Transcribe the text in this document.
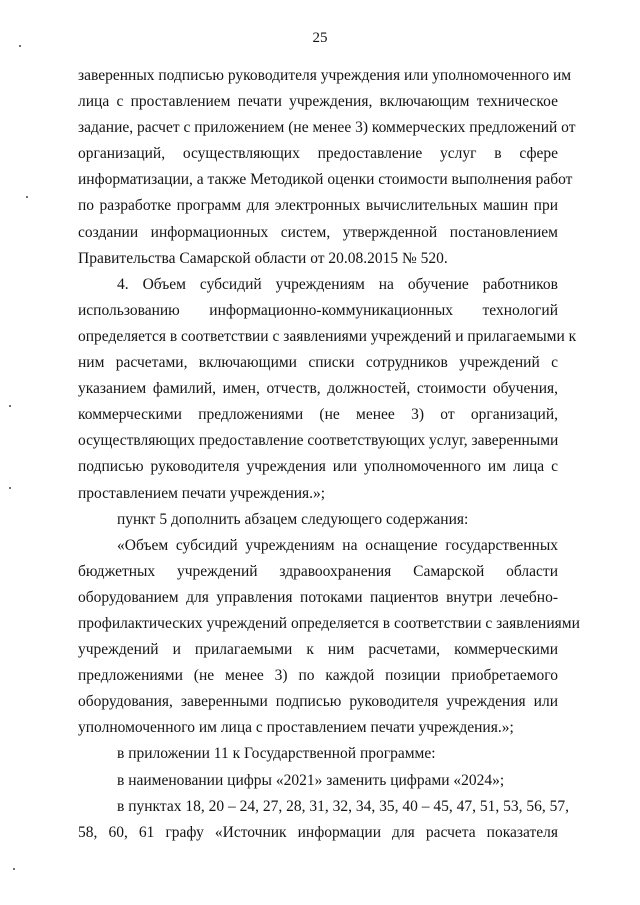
25
заверенных подписью руководителя учреждения или уполномоченного им
лица с проставлением печати учреждения, включающим техническое
задание, расчет с приложением (не менее 3) коммерческих предложений от
организаций, осуществляющих предоставление услуг в сфере
информатизации, а также Методикой оценки стоимости выполнения работ
по разработке программ для электронных вычислительных машин при
создании информационных систем, утвержденной постановлением
Правительства Самарской области от 20.08.2015 № 520.
4. Объем субсидий учреждениям на обучение работников
использованию информационно-коммуникационных технологий
определяется в соответствии с заявлениями учреждений и прилагаемыми к
ним расчетами, включающими списки сотрудников учреждений с
указанием фамилий, имен, отчеств, должностей, стоимости обучения,
коммерческими предложениями (не менее 3) от организаций,
осуществляющих предоставление соответствующих услуг, заверенными
подписью руководителя учреждения или уполномоченного им лица с
проставлением печати учреждения.»;
пункт 5 дополнить абзацем следующего содержания:
«Объем субсидий учреждениям на оснащение государственных
бюджетных учреждений здравоохранения Самарской области
оборудованием для управления потоками пациентов внутри лечебно-
профилактических учреждений определяется в соответствии с заявлениями
учреждений и прилагаемыми к ним расчетами, коммерческими
предложениями (не менее 3) по каждой позиции приобретаемого
оборудования, заверенными подписью руководителя учреждения или
уполномоченного им лица с проставлением печати учреждения.»;
в приложении 11 к Государственной программе:
в наименовании цифры «2021» заменить цифрами «2024»;
в пунктах 18, 20 – 24, 27, 28, 31, 32, 34, 35, 40 – 45, 47, 51, 53, 56, 57,
58, 60, 61 графу «Источник информации для расчета показателя
